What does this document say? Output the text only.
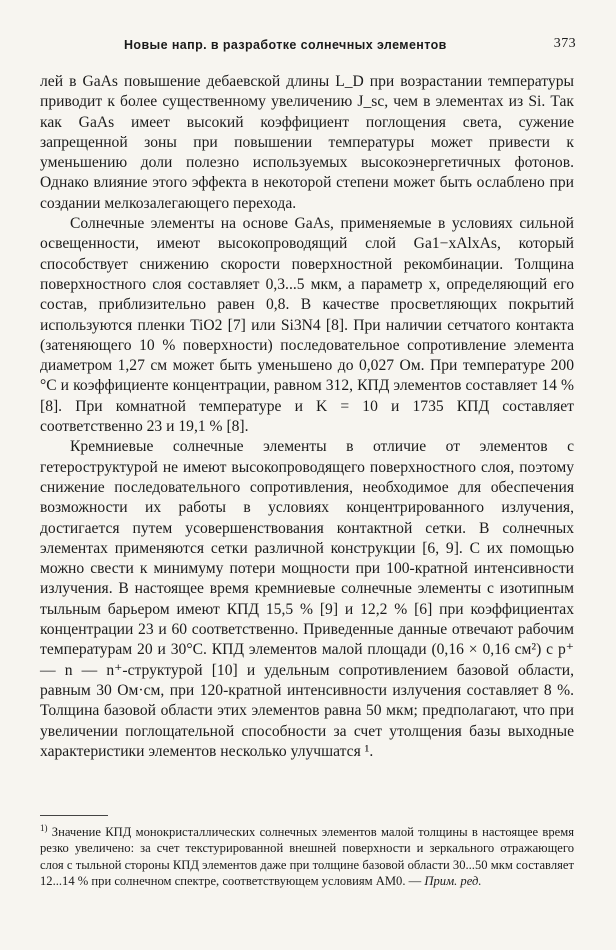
Новые напр. в разработке солнечных элементов	373

лей в GaAs повышение дебаевской длины L_D при возрастании температуры приводит к более существенному увеличению J_sc, чем в элементах из Si. Так как GaAs имеет высокий коэффициент поглощения света, сужение запрещенной зоны при повышении температуры может привести к уменьшению доли полезно используемых высокоэнергетичных фотонов. Однако влияние этого эффекта в некоторой степени может быть ослаблено при создании мелкозалегающего перехода.

Солнечные элементы на основе GaAs, применяемые в условиях сильной освещенности, имеют высокопроводящий слой Ga1−xAlxAs, который способствует снижению скорости поверхностной рекомбинации. Толщина поверхностного слоя составляет 0,3...5 мкм, а параметр x, определяющий его состав, приблизительно равен 0,8. В качестве просветляющих покрытий используются пленки TiO2 [7] или Si3N4 [8]. При наличии сетчатого контакта (затеняющего 10 % поверхности) последовательное сопротивление элемента диаметром 1,27 см может быть уменьшено до 0,027 Ом. При температуре 200 °C и коэффициенте концентрации, равном 312, КПД элементов составляет 14 % [8]. При комнатной температуре и K = 10 и 1735 КПД составляет соответственно 23 и 19,1 % [8].

Кремниевые солнечные элементы в отличие от элементов с гетероструктурой не имеют высокопроводящего поверхностного слоя, поэтому снижение последовательного сопротивления, необходимое для обеспечения возможности их работы в условиях концентрированного излучения, достигается путем усовершенствования контактной сетки. В солнечных элементах применяются сетки различной конструкции [6, 9]. С их помощью можно свести к минимуму потери мощности при 100-кратной интенсивности излучения. В настоящее время кремниевые солнечные элементы с изотипным тыльным барьером имеют КПД 15,5 % [9] и 12,2 % [6] при коэффициентах концентрации 23 и 60 соответственно. Приведенные данные отвечают рабочим температурам 20 и 30°C. КПД элементов малой площади (0,16 × 0,16 см²) с p⁺ — n — n⁺-структурой [10] и удельным сопротивлением базовой области, равным 30 Ом·см, при 120-кратной интенсивности излучения составляет 8 %. Толщина базовой области этих элементов равна 50 мкм; предполагают, что при увеличении поглощательной способности за счет утолщения базы выходные характеристики элементов несколько улучшатся ¹.

$^{1)}$ Значение КПД монокристаллических солнечных элементов малой толщины в настоящее время резко увеличено: за счет текстурированной внешней поверхности и зеркального отражающего слоя с тыльной стороны КПД элементов даже при толщине базовой области 30...50 мкм составляет 12...14 % при солнечном спектре, соответствующем условиям AM0. — Прим. ред.
